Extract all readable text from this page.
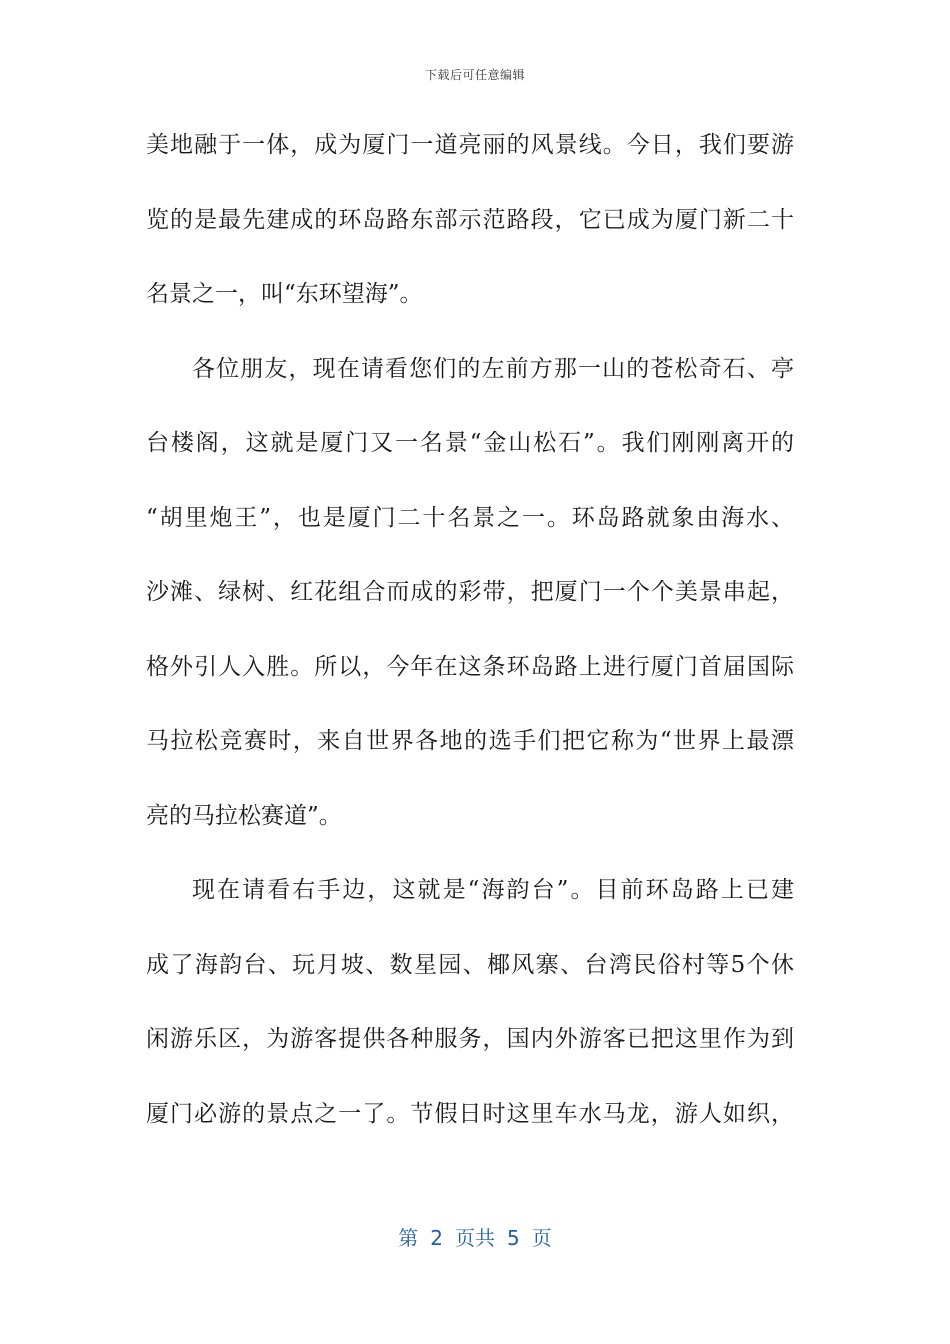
下载后可任意编辑
美地融于一体，成为厦门一道亮丽的风景线。今日，我们要游
览的是最先建成的环岛路东部示范路段，它已成为厦门新二十
名景之一，叫“东环望海”。
各位朋友，现在请看您们的左前方那一山的苍松奇石、亭
台楼阁，这就是厦门又一名景“金山松石”。我们刚刚离开的
“胡里炮王”，也是厦门二十名景之一。环岛路就象由海水、
沙滩、绿树、红花组合而成的彩带，把厦门一个个美景串起，
格外引人入胜。所以，今年在这条环岛路上进行厦门首届国际
马拉松竞赛时，来自世界各地的选手们把它称为“世界上最漂
亮的马拉松赛道”。
现在请看右手边，这就是“海韵台”。目前环岛路上已建
成了海韵台、玩月坡、数星园、椰风寨、台湾民俗村等5个休
闲游乐区，为游客提供各种服务，国内外游客已把这里作为到
厦门必游的景点之一了。节假日时这里车水马龙，游人如织，
第 2 页共 5 页
